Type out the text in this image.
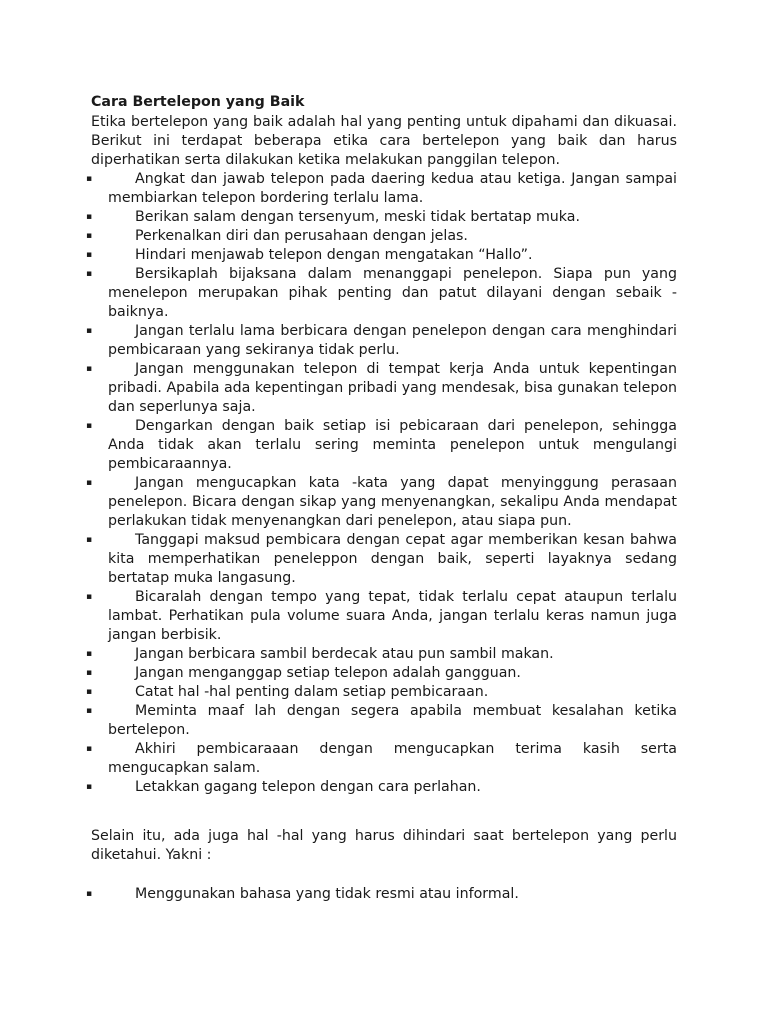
Cara Bertelepon yang Baik
Etika bertelepon yang baik adalah hal yang penting untuk dipahami dan dikuasai. Berikut ini terdapat beberapa etika cara bertelepon yang baik dan harus diperhatikan serta dilakukan ketika melakukan panggilan telepon.
▪	Angkat dan jawab telepon pada daering kedua atau ketiga. Jangan sampai membiarkan telepon bordering terlalu lama.
▪	Berikan salam dengan tersenyum, meski tidak bertatap muka.
▪	Perkenalkan diri dan perusahaan dengan jelas.
▪	Hindari menjawab telepon dengan mengatakan “Hallo”.
▪	Bersikaplah bijaksana dalam menanggapi penelepon. Siapa pun yang menelepon merupakan pihak penting dan patut dilayani dengan sebaik -baiknya.
▪	Jangan terlalu lama berbicara dengan penelepon dengan cara menghindari pembicaraan yang sekiranya tidak perlu.
▪	Jangan menggunakan telepon di tempat kerja Anda untuk kepentingan pribadi. Apabila ada kepentingan pribadi yang mendesak, bisa gunakan telepon dan seperlunya saja.
▪	Dengarkan dengan baik setiap isi pebicaraan dari penelepon, sehingga Anda tidak akan terlalu sering meminta penelepon untuk mengulangi pembicaraannya.
▪	Jangan mengucapkan kata -kata yang dapat menyinggung perasaan penelepon. Bicara dengan sikap yang menyenangkan, sekalipu Anda mendapat perlakukan tidak menyenangkan dari penelepon, atau siapa pun.
▪	Tanggapi maksud pembicara dengan cepat agar memberikan kesan bahwa kita memperhatikan peneleppon dengan baik, seperti layaknya sedang bertatap muka langasung.
▪	Bicaralah dengan tempo yang tepat, tidak terlalu cepat ataupun terlalu lambat. Perhatikan pula volume suara Anda, jangan terlalu keras namun juga jangan berbisik.
▪	Jangan berbicara sambil berdecak atau pun sambil makan.
▪	Jangan menganggap setiap telepon adalah gangguan.
▪	Catat hal -hal penting dalam setiap pembicaraan.
▪	Meminta maaf lah dengan segera apabila membuat kesalahan ketika bertelepon.
▪	Akhiri pembicaraaan dengan mengucapkan terima kasih serta mengucapkan salam.
▪	Letakkan gagang telepon dengan cara perlahan.
Selain itu, ada juga hal -hal yang harus dihindari saat bertelepon yang perlu diketahui. Yakni :
▪	Menggunakan bahasa yang tidak resmi atau informal.
